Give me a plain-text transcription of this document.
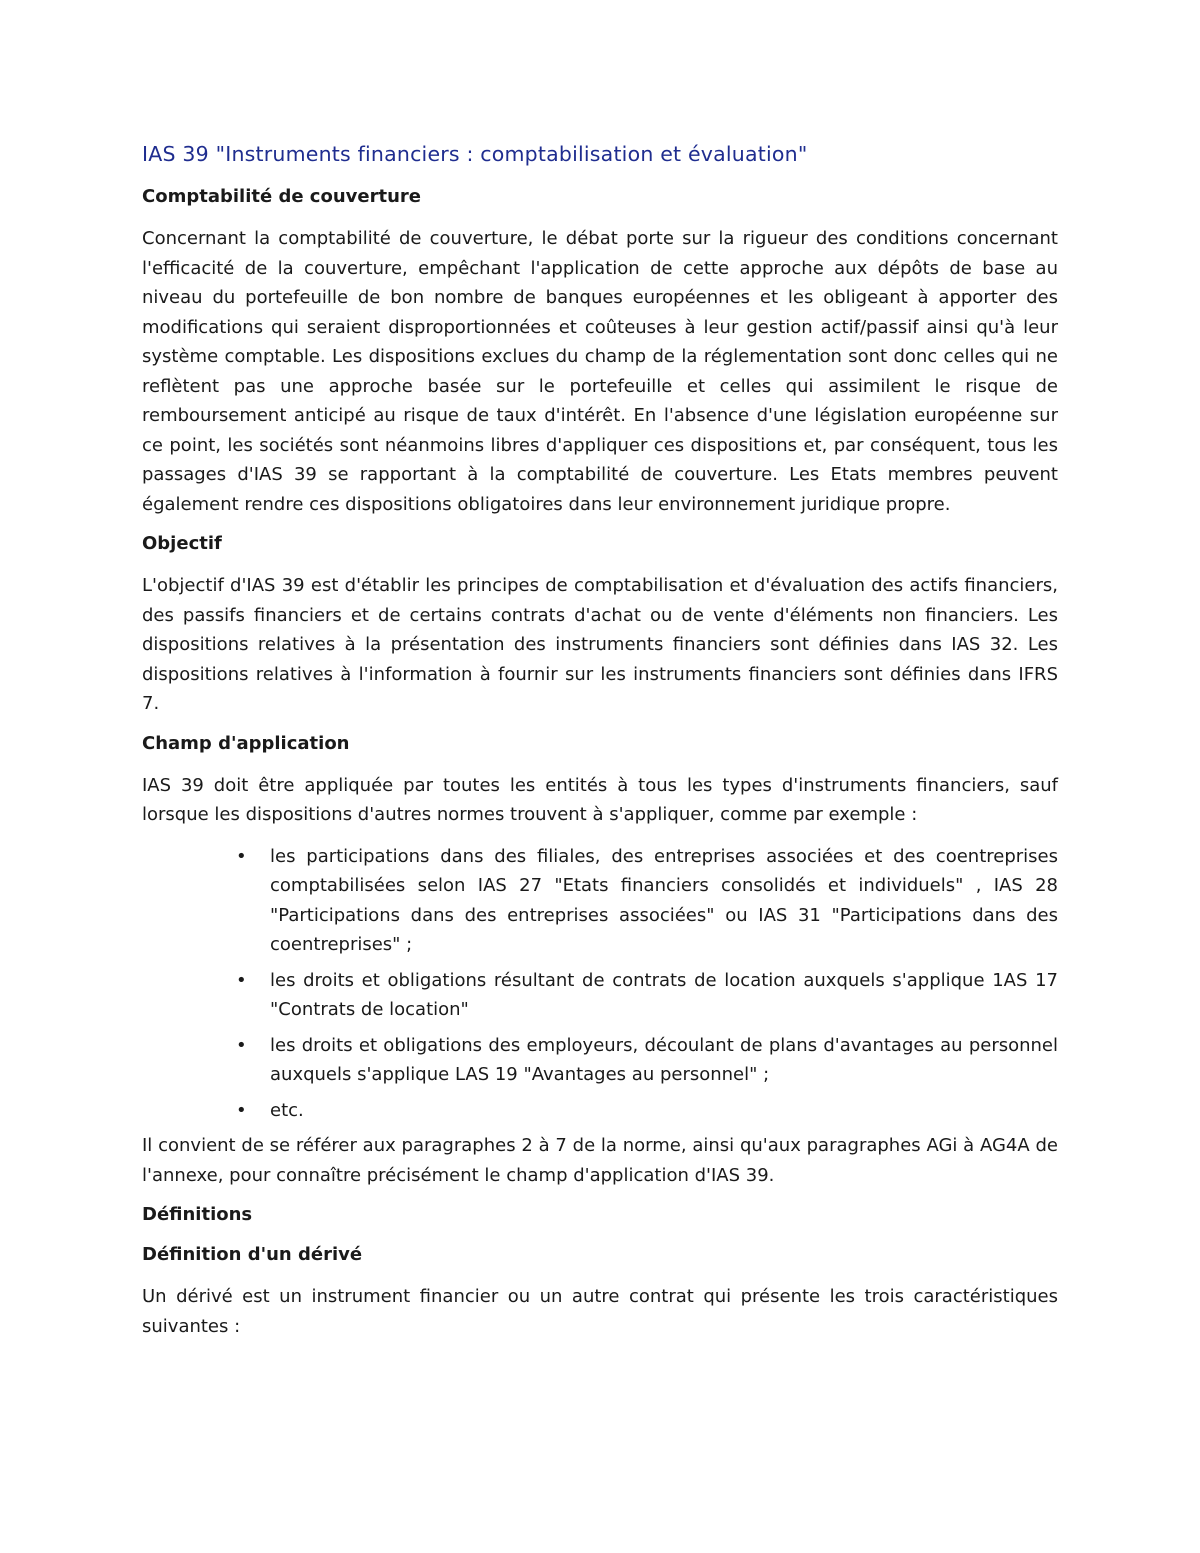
IAS 39 "Instruments financiers : comptabilisation et évaluation"
Comptabilité de couverture

Concernant la comptabilité de couverture, le débat porte sur la rigueur des conditions concernant l'efficacité de la couverture, empêchant l'application de cette approche aux dépôts de base au niveau du portefeuille de bon nombre de banques européennes et les obligeant à apporter des modifications qui seraient disproportionnées et coûteuses à leur gestion actif/passif ainsi qu'à leur système comptable. Les dispositions exclues du champ de la réglementation sont donc celles qui ne reflètent pas une approche basée sur le portefeuille et celles qui assimilent le risque de remboursement anticipé au risque de taux d'intérêt. En l'absence d'une législation européenne sur ce point, les sociétés sont néanmoins libres d'appliquer ces dispositions et, par conséquent, tous les passages d'IAS 39 se rapportant à la comptabilité de couverture. Les Etats membres peuvent également rendre ces dispositions obligatoires dans leur environnement juridique propre.

Objectif

L'objectif d'IAS 39 est d'établir les principes de comptabilisation et d'évaluation des actifs financiers, des passifs financiers et de certains contrats d'achat ou de vente d'éléments non financiers. Les dispositions relatives à la présentation des instruments financiers sont définies dans IAS 32. Les dispositions relatives à l'information à fournir sur les instruments financiers sont définies dans IFRS 7.

Champ d'application

IAS 39 doit être appliquée par toutes les entités à tous les types d'instruments financiers, sauf lorsque les dispositions d'autres normes trouvent à s'appliquer, comme par exemple :

• les participations dans des filiales, des entreprises associées et des coentreprises comptabilisées selon IAS 27 "Etats financiers consolidés et individuels" , IAS 28 "Participations dans des entreprises associées" ou IAS 31 "Participations dans des coentreprises" ;
• les droits et obligations résultant de contrats de location auxquels s'applique 1AS 17 "Contrats de location"
• les droits et obligations des employeurs, découlant de plans d'avantages au personnel auxquels s'applique LAS 19 "Avantages au personnel" ;
• etc.

Il convient de se référer aux paragraphes 2 à 7 de la norme, ainsi qu'aux paragraphes AGi à AG4A de l'annexe, pour connaître précisément le champ d'application d'IAS 39.

Définitions
Définition d'un dérivé

Un dérivé est un instrument financier ou un autre contrat qui présente les trois caractéristiques suivantes :
